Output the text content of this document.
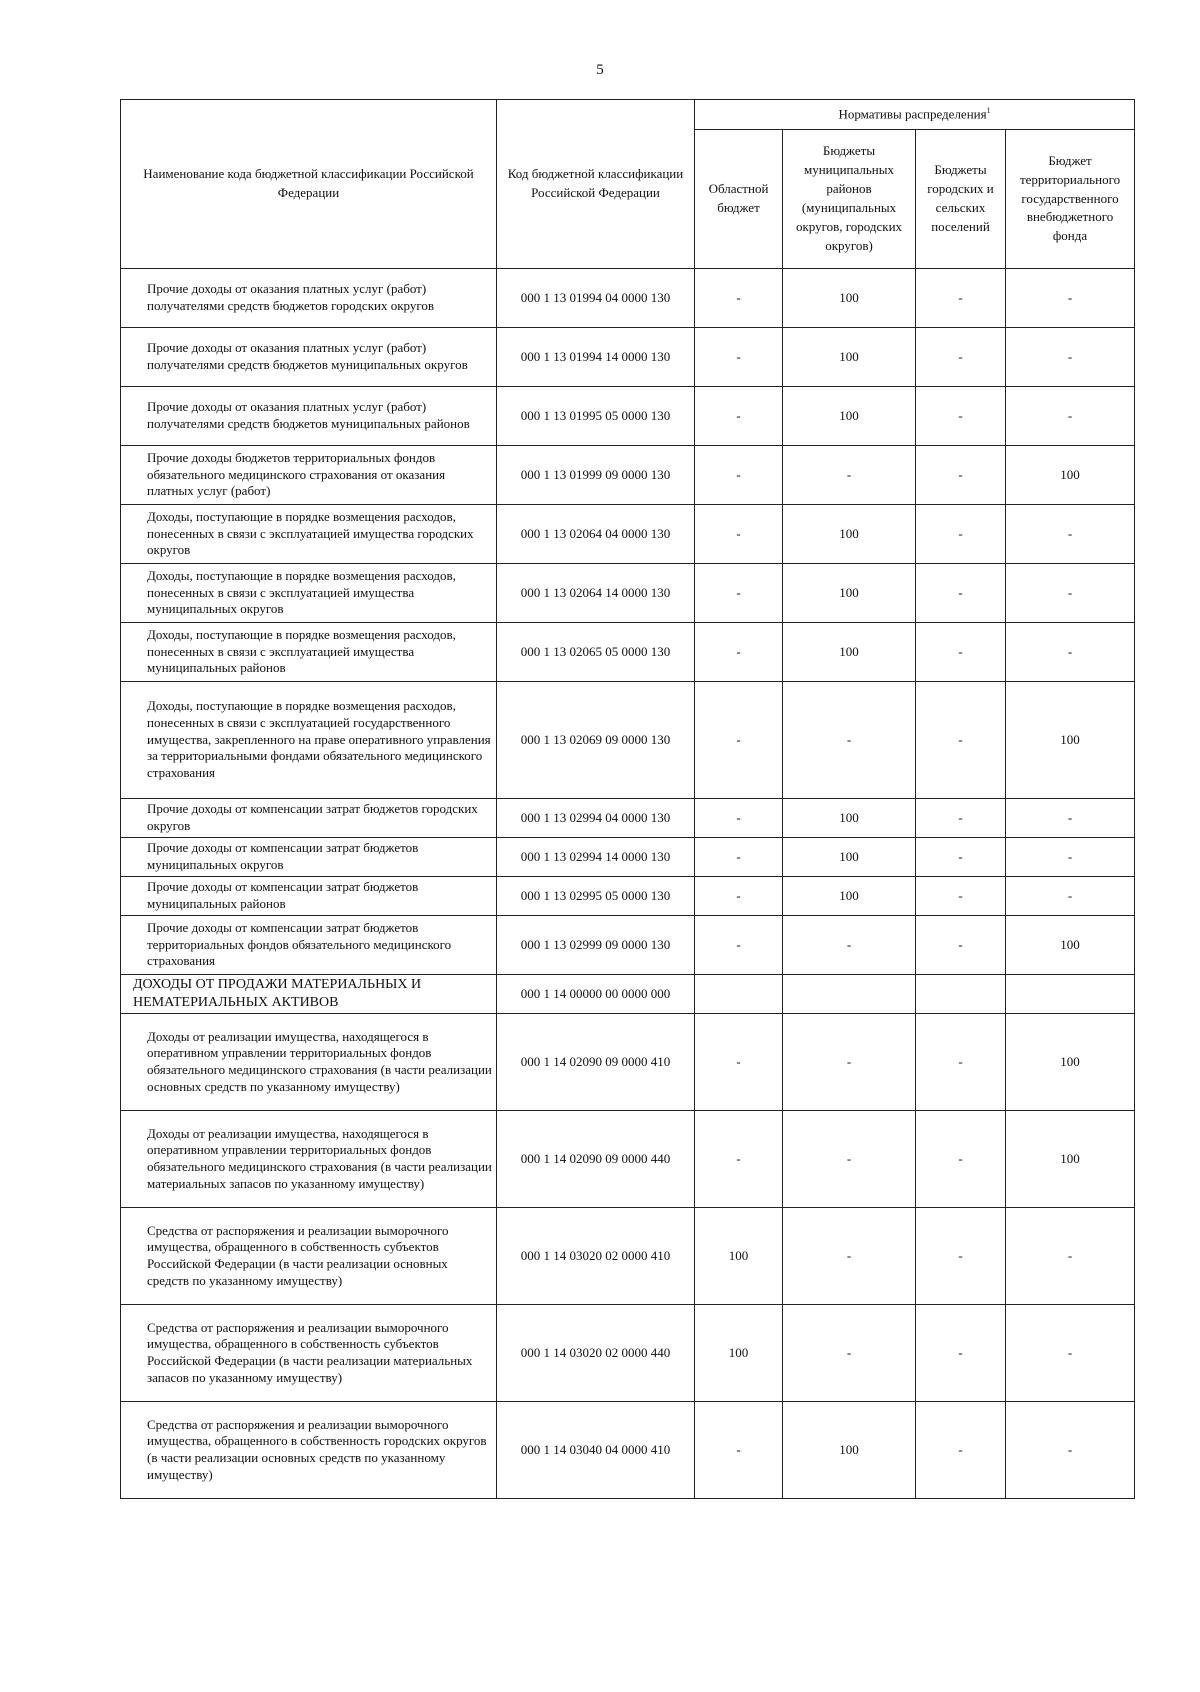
5
Наименование кода бюджетной классификации Российской Федерации	Код бюджетной классификации Российской Федерации	Нормативы распределения$^1$
		Областной бюджет	Бюджеты муниципальных районов (муниципальных округов, городских округов)	Бюджеты городских и сельских поселений	Бюджет территориального государственного внебюджетного фонда
Прочие доходы от оказания платных услуг (работ) получателями средств бюджетов городских округов	000 1 13 01994 04 0000 130	-	100	-	-
Прочие доходы от оказания платных услуг (работ) получателями средств бюджетов муниципальных округов	000 1 13 01994 14 0000 130	-	100	-	-
Прочие доходы от оказания платных услуг (работ) получателями средств бюджетов муниципальных районов	000 1 13 01995 05 0000 130	-	100	-	-
Прочие доходы бюджетов территориальных фондов обязательного медицинского страхования от оказания платных услуг (работ)	000 1 13 01999 09 0000 130	-	-	-	100
Доходы, поступающие в порядке возмещения расходов, понесенных в связи с эксплуатацией имущества городских округов	000 1 13 02064 04 0000 130	-	100	-	-
Доходы, поступающие в порядке возмещения расходов, понесенных в связи с эксплуатацией имущества муниципальных округов	000 1 13 02064 14 0000 130	-	100	-	-
Доходы, поступающие в порядке возмещения расходов, понесенных в связи с эксплуатацией имущества муниципальных районов	000 1 13 02065 05 0000 130	-	100	-	-
Доходы, поступающие в порядке возмещения расходов, понесенных в связи с эксплуатацией государственного имущества, закрепленного на праве оперативного управления за территориальными фондами обязательного медицинского страхования	000 1 13 02069 09 0000 130	-	-	-	100
Прочие доходы от компенсации затрат бюджетов городских округов	000 1 13 02994 04 0000 130	-	100	-	-
Прочие доходы от компенсации затрат бюджетов муниципальных округов	000 1 13 02994 14 0000 130	-	100	-	-
Прочие доходы от компенсации затрат бюджетов муниципальных районов	000 1 13 02995 05 0000 130	-	100	-	-
Прочие доходы от компенсации затрат бюджетов территориальных фондов обязательного медицинского страхования	000 1 13 02999 09 0000 130	-	-	-	100
ДОХОДЫ ОТ ПРОДАЖИ МАТЕРИАЛЬНЫХ И НЕМАТЕРИАЛЬНЫХ АКТИВОВ	000 1 14 00000 00 0000 000				
Доходы от реализации имущества, находящегося в оперативном управлении территориальных фондов обязательного медицинского страхования (в части реализации основных средств по указанному имуществу)	000 1 14 02090 09 0000 410	-	-	-	100
Доходы от реализации имущества, находящегося в оперативном управлении территориальных фондов обязательного медицинского страхования (в части реализации материальных запасов по указанному имуществу)	000 1 14 02090 09 0000 440	-	-	-	100
Средства от распоряжения и реализации выморочного имущества, обращенного в собственность субъектов Российской Федерации (в части реализации основных средств по указанному имуществу)	000 1 14 03020 02 0000 410	100	-	-	-
Средства от распоряжения и реализации выморочного имущества, обращенного в собственность субъектов Российской Федерации (в части реализации материальных запасов по указанному имуществу)	000 1 14 03020 02 0000 440	100	-	-	-
Средства от распоряжения и реализации выморочного имущества, обращенного в собственность городских округов (в части реализации основных средств по указанному имуществу)	000 1 14 03040 04 0000 410	-	100	-	-
